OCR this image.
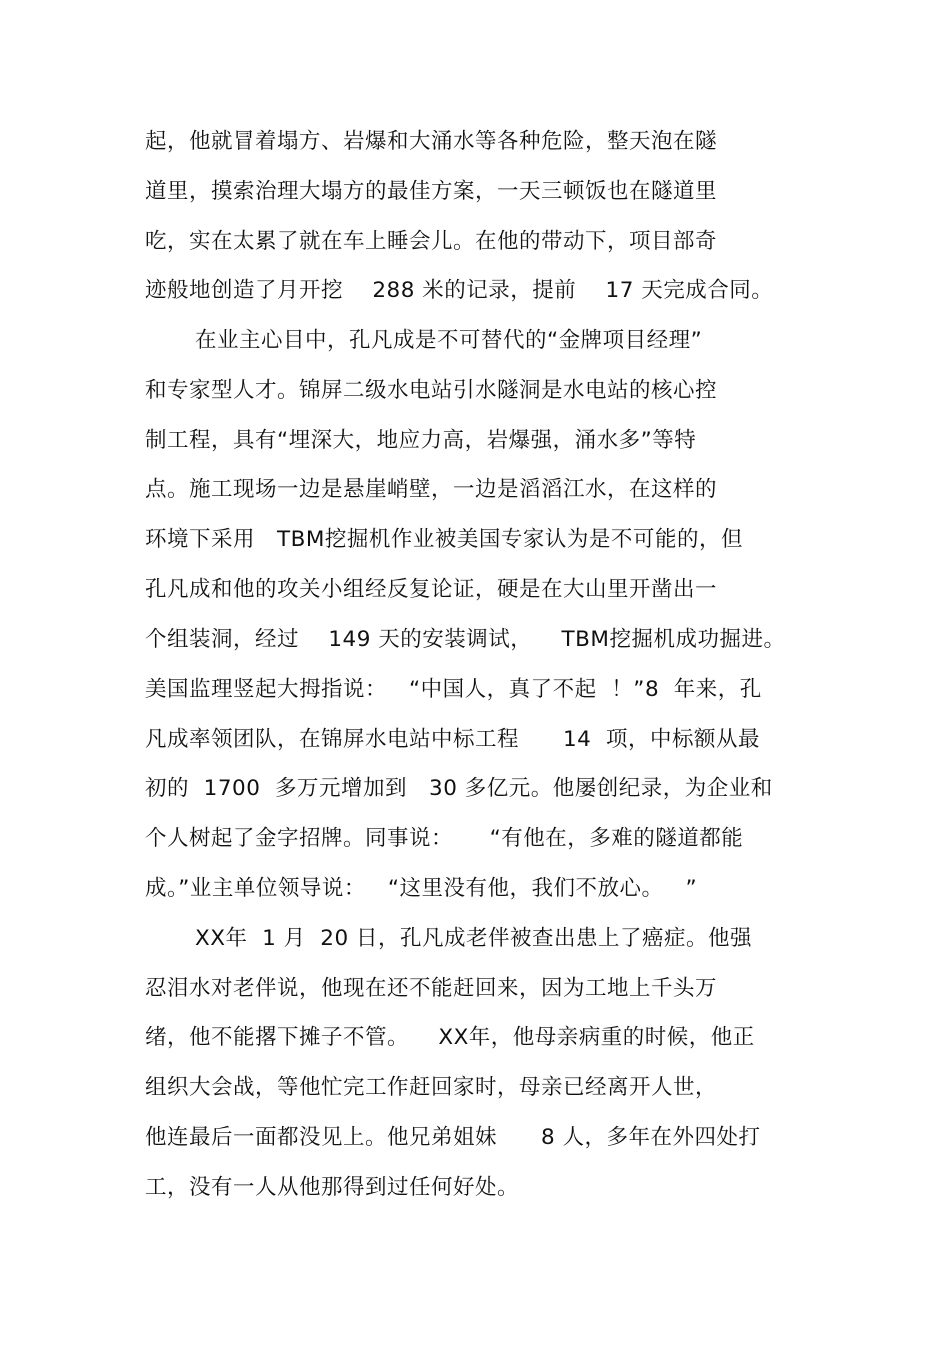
起，他就冒着塌方、岩爆和大涌水等各种危险，整天泡在隧
道里，摸索治理大塌方的最佳方案，一天三顿饭也在隧道里
吃，实在太累了就在车上睡会儿。在他的带动下，项目部奇
迹般地创造了月开挖    288 米的记录，提前    17 天完成合同。
在业主心目中，孔凡成是不可替代的“金牌项目经理”
和专家型人才。锦屏二级水电站引水隧洞是水电站的核心控
制工程，具有“埋深大，地应力高，岩爆强，涌水多”等特
点。施工现场一边是悬崖峭壁，一边是滔滔江水，在这样的
环境下采用   TBM挖掘机作业被美国专家认为是不可能的，但
孔凡成和他的攻关小组经反复论证，硬是在大山里开凿出一
个组装洞，经过    149 天的安装调试，    TBM挖掘机成功掘进。
美国监理竖起大拇指说：   “中国人，真了不起  ！”8  年来，孔
凡成率领团队，在锦屏水电站中标工程      14  项，中标额从最
初的  1700  多万元增加到   30 多亿元。他屡创纪录，为企业和
个人树起了金字招牌。同事说：     “有他在，多难的隧道都能
成。”业主单位领导说：   “这里没有他，我们不放心。   ”
XX年  1 月  20 日，孔凡成老伴被查出患上了癌症。他强
忍泪水对老伴说，他现在还不能赶回来，因为工地上千头万
绪，他不能撂下摊子不管。    XX年，他母亲病重的时候，他正
组织大会战，等他忙完工作赶回家时，母亲已经离开人世，
他连最后一面都没见上。他兄弟姐妹      8 人，多年在外四处打
工，没有一人从他那得到过任何好处。
